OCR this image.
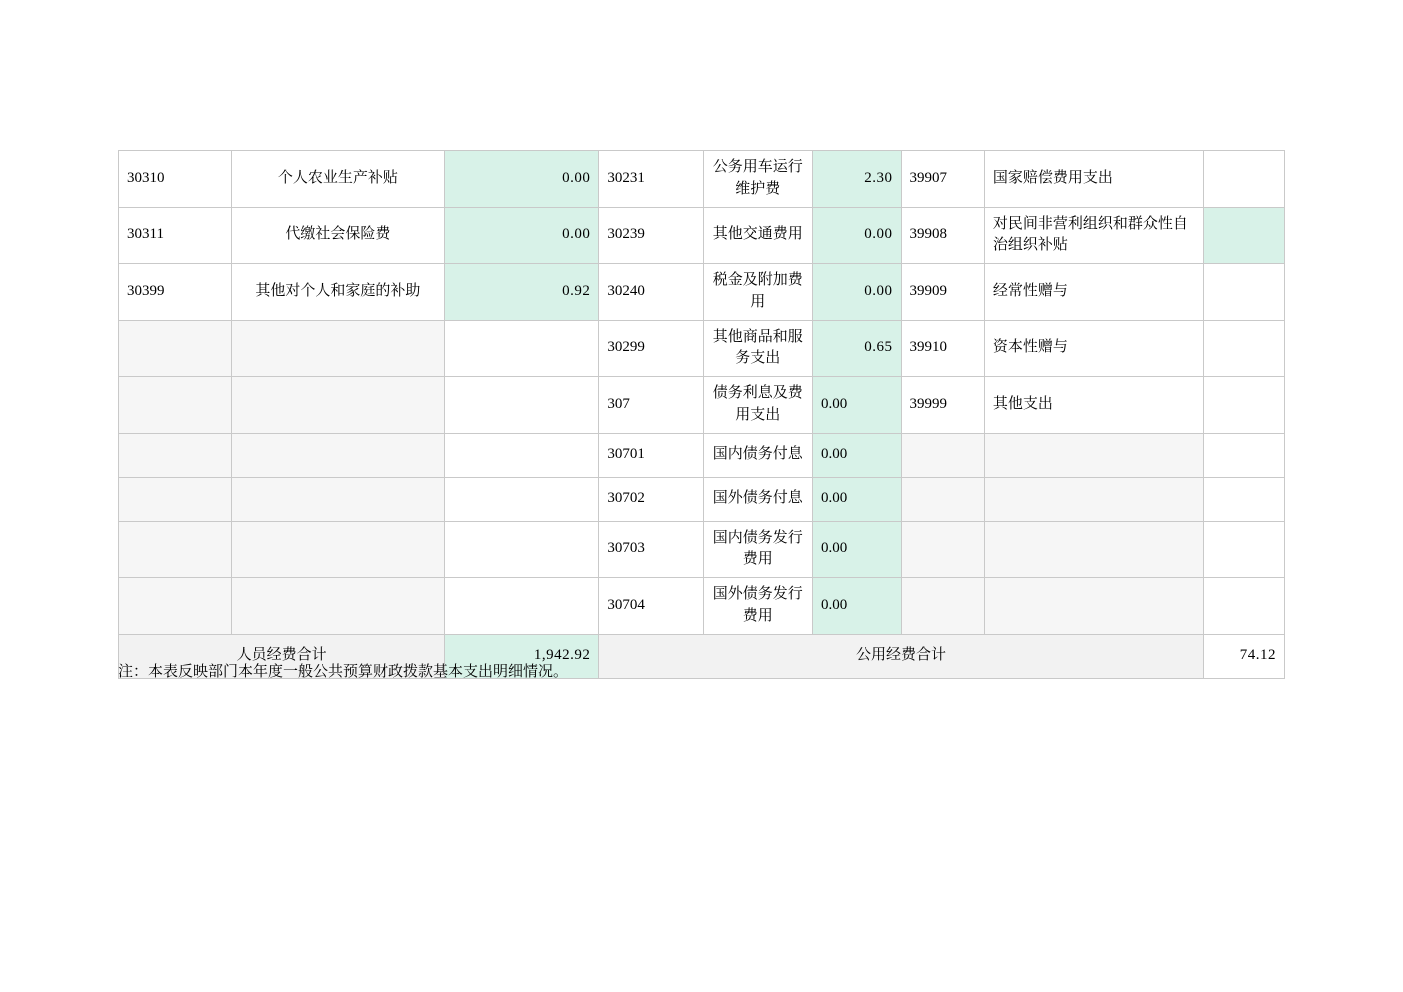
30310	个人农业生产补贴	0.00	30231	公务用车运行维护费	2.30	39907	国家赔偿费用支出	
30311	代缴社会保险费	0.00	30239	其他交通费用	0.00	39908	对民间非营利组织和群众性自治组织补贴	
30399	其他对个人和家庭的补助	0.92	30240	税金及附加费用	0.00	39909	经常性赠与	
			30299	其他商品和服务支出	0.65	39910	资本性赠与	
			307	债务利息及费用支出	0.00	39999	其他支出	
			30701	国内债务付息	0.00			
			30702	国外债务付息	0.00			
			30703	国内债务发行费用	0.00			
			30704	国外债务发行费用	0.00			
人员经费合计		1,942.92	公用经费合计					74.12
注：本表反映部门本年度一般公共预算财政拨款基本支出明细情况。
